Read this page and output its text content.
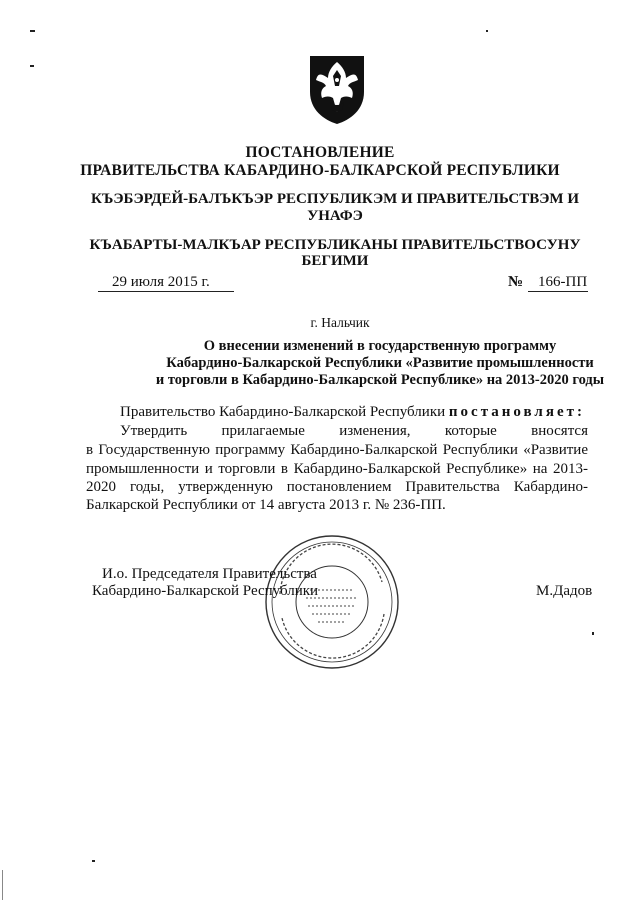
ПОСТАНОВЛЕНИЕ
ПРАВИТЕЛЬСТВА КАБАРДИНО-БАЛКАРСКОЙ РЕСПУБЛИКИ
КЪЭБЭРДЕЙ-БАЛЪКЪЭР РЕСПУБЛИКЭМ И ПРАВИТЕЛЬСТВЭМ И
УНАФЭ
КЪАБАРТЫ-МАЛКЪАР РЕСПУБЛИКАНЫ ПРАВИТЕЛЬСТВОСУНУ
БЕГИМИ
29 июля 2015 г.	№ 166-ПП
г. Нальчик
О внесении изменений в государственную программу
Кабардино-Балкарской Республики «Развитие промышленности
и торговли в Кабардино-Балкарской Республике» на 2013-2020 годы
Правительство Кабардино-Балкарской Республики постановляет:
Утвердить прилагаемые изменения, которые вносятся
в Государственную программу Кабардино-Балкарской Республики «Развитие
промышленности и торговли в Кабардино-Балкарской Республике» на 2013-
2020 годы, утвержденную постановлением Правительства Кабардино-
Балкарской Республики от 14 августа 2013 г. № 236-ПП.
И.о. Председателя Правительства
Кабардино-Балкарской Республики	М.Дадов
